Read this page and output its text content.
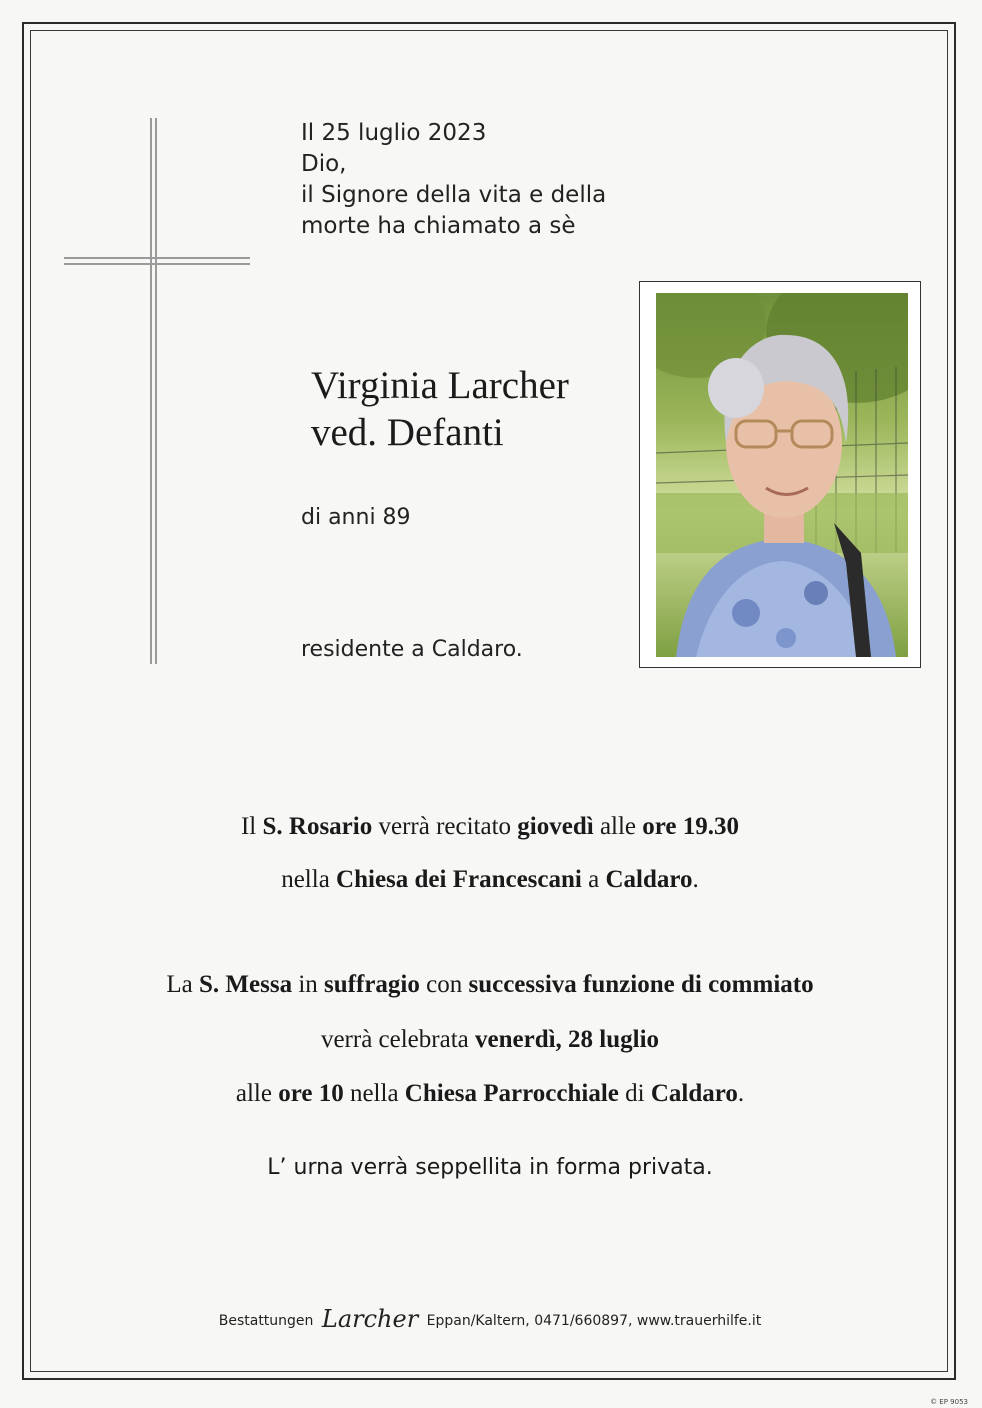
Il 25 luglio 2023
Dio,
il Signore della vita e della
morte ha chiamato a sè
Virginia Larcher
ved. Defanti
di anni 89
residente a Caldaro.
Il S. Rosario verrà recitato giovedì alle ore 19.30
nella Chiesa dei Francescani a Caldaro.
La S. Messa in suffragio con successiva funzione di commiato
verrà celebrata venerdì, 28 luglio
alle ore 10 nella Chiesa Parrocchiale di Caldaro.
L’ urna verrà seppellita in forma privata.
Bestattungen Larcher Eppan/Kaltern, 0471/660897, www.trauerhilfe.it
© EP 9053
